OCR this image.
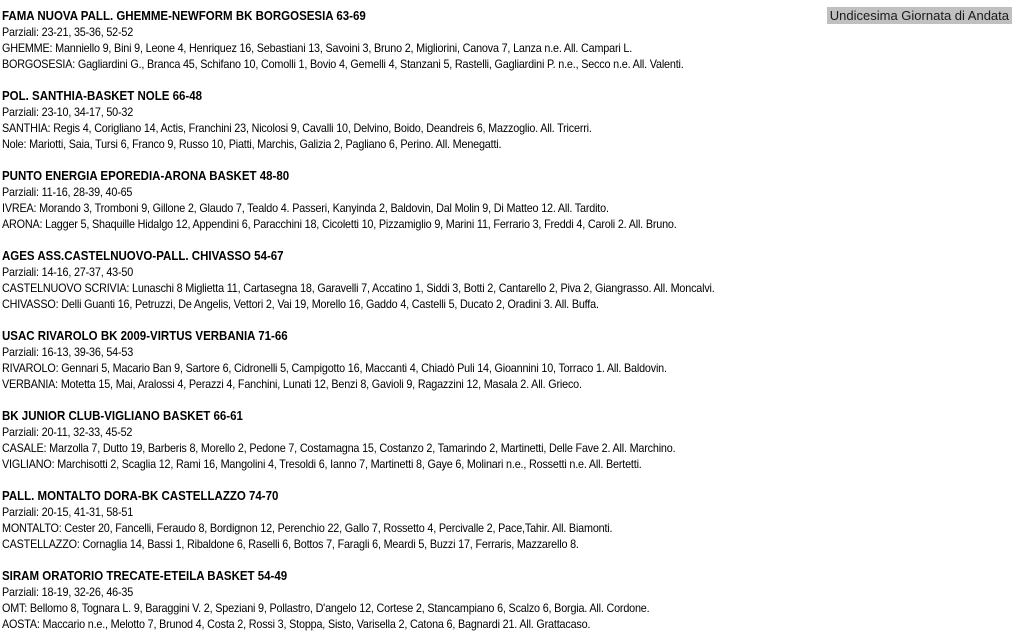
Undicesima Giornata di Andata
FAMA NUOVA PALL. GHEMME-NEWFORM BK BORGOSESIA 63-69
Parziali: 23-21, 35-36, 52-52
GHEMME: Manniello 9, Bini 9, Leone 4, Henriquez 16, Sebastiani 13, Savoini 3, Bruno 2, Migliorini, Canova 7, Lanza n.e. All. Campari L.
BORGOSESIA: Gagliardini G., Branca 45, Schifano 10, Comolli 1, Bovio 4, Gemelli 4, Stanzani 5, Rastelli, Gagliardini P. n.e., Secco n.e. All. Valenti.
POL. SANTHIA-BASKET NOLE 66-48
Parziali: 23-10, 34-17, 50-32
SANTHIA: Regis 4, Corigliano 14, Actis, Franchini 23, Nicolosi 9, Cavalli 10, Delvino, Boido, Deandreis 6, Mazzoglio. All. Tricerri.
Nole: Mariotti, Saia, Tursi 6, Franco 9, Russo 10, Piatti, Marchis, Galizia 2, Pagliano 6, Perino. All. Menegatti.
PUNTO ENERGIA EPOREDIA-ARONA BASKET 48-80
Parziali: 11-16, 28-39, 40-65
IVREA: Morando 3, Tromboni 9, Gillone 2, Glaudo 7, Tealdo 4. Passeri, Kanyinda 2, Baldovin, Dal Molin 9, Di Matteo 12. All. Tardito.
ARONA: Lagger 5, Shaquille Hidalgo 12, Appendini 6, Paracchini 18, Cicoletti 10, Pizzamiglio 9, Marini 11, Ferrario 3, Freddi 4, Caroli 2. All. Bruno.
AGES ASS.CASTELNUOVO-PALL. CHIVASSO 54-67
Parziali: 14-16, 27-37, 43-50
CASTELNUOVO SCRIVIA: Lunaschi 8 Miglietta 11, Cartasegna 18, Garavelli 7, Accatino 1, Siddi 3, Botti 2, Cantarello 2, Piva 2, Giangrasso. All. Moncalvi.
CHIVASSO: Delli Guanti 16, Petruzzi, De Angelis, Vettori 2, Vai 19, Morello 16, Gaddo 4, Castelli 5, Ducato 2, Oradini 3. All. Buffa.
USAC RIVAROLO BK 2009-VIRTUS VERBANIA 71-66
Parziali: 16-13, 39-36, 54-53
RIVAROLO: Gennari 5, Macario Ban 9, Sartore 6, Cidronelli 5, Campigotto 16, Maccanti 4, Chiadò Puli 14, Gioannini 10, Torraco 1. All. Baldovin.
VERBANIA: Motetta 15, Mai, Aralossi 4, Perazzi 4, Fanchini, Lunati 12, Benzi 8, Gavioli 9, Ragazzini 12, Masala 2. All. Grieco.
BK JUNIOR CLUB-VIGLIANO BASKET 66-61
Parziali: 20-11, 32-33, 45-52
CASALE: Marzolla 7, Dutto 19, Barberis 8, Morello 2, Pedone 7, Costamagna 15, Costanzo 2, Tamarindo 2, Martinetti, Delle Fave 2. All. Marchino.
VIGLIANO: Marchisotti 2, Scaglia 12, Rami 16, Mangolini 4, Tresoldi 6, Ianno 7, Martinetti 8, Gaye 6, Molinari n.e., Rossetti n.e. All. Bertetti.
PALL. MONTALTO DORA-BK CASTELLAZZO 74-70
Parziali: 20-15, 41-31, 58-51
MONTALTO: Cester 20, Fancelli, Feraudo 8, Bordignon 12, Perenchio 22, Gallo 7, Rossetto 4, Percivalle 2, Pace,Tahir. All. Biamonti.
CASTELLAZZO: Cornaglia 14, Bassi 1, Ribaldone 6, Raselli 6, Bottos 7, Faragli 6, Meardi 5, Buzzi 17, Ferraris, Mazzarello 8.
SIRAM ORATORIO TRECATE-ETEILA BASKET 54-49
Parziali: 18-19, 32-26, 46-35
OMT: Bellomo 8, Tognara L. 9, Baraggini V. 2, Speziani 9, Pollastro, D'angelo 12, Cortese 2, Stancampiano 6, Scalzo 6, Borgia. All. Cordone.
AOSTA: Maccario n.e., Melotto 7, Brunod 4, Costa 2, Rossi 3, Stoppa, Sisto, Varisella 2, Catona 6, Bagnardi 21. All. Grattacaso.
